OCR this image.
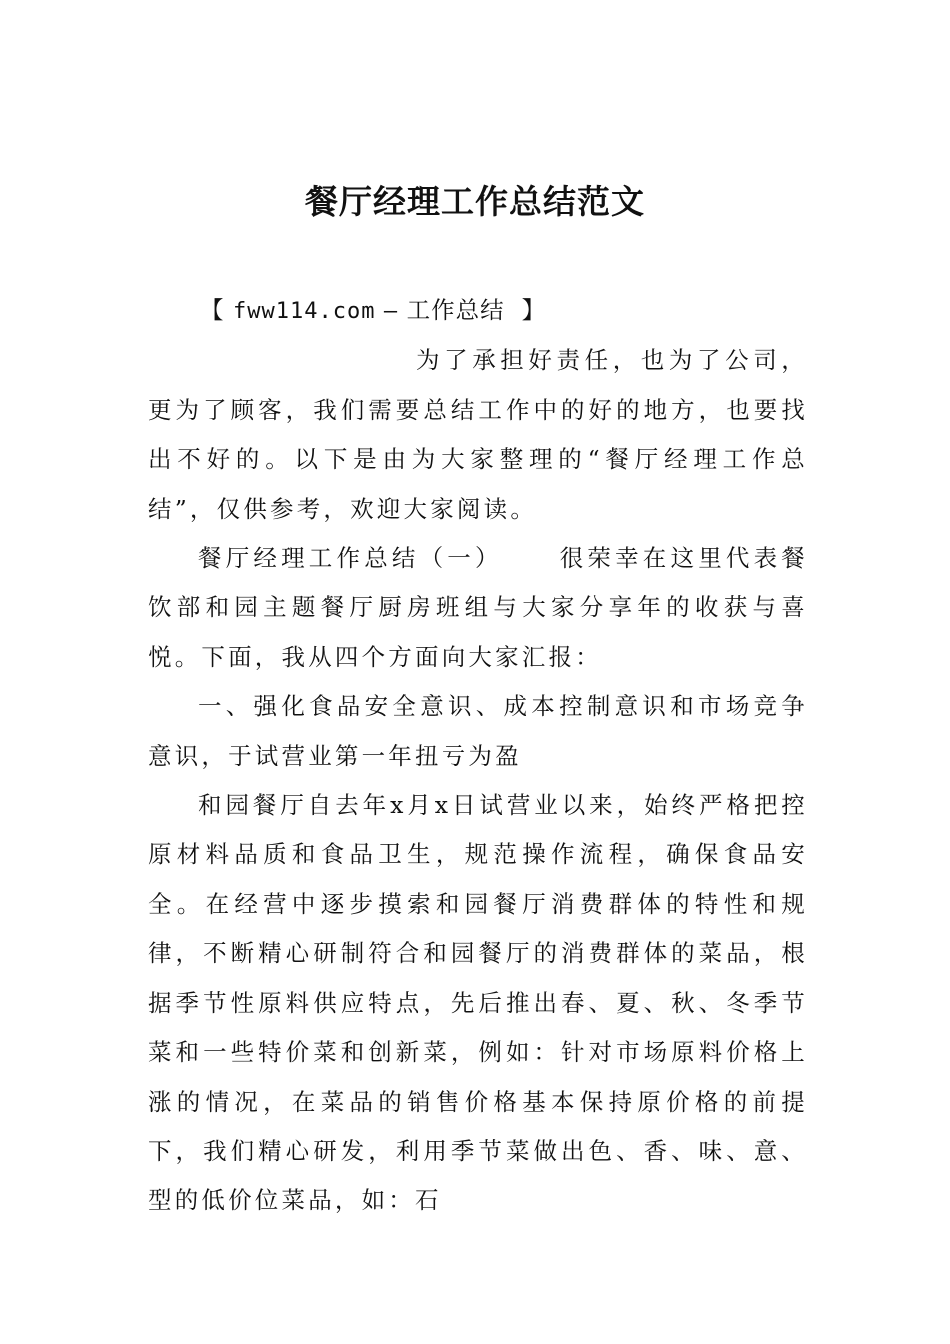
餐厅经理工作总结范文

【 fww114.com – 工作总结 】

为了承担好责任，也为了公司，更为了顾客，我们需要总结工作中的好的地方，也要找出不好的。以下是由为大家整理的“餐厅经理工作总结”，仅供参考，欢迎大家阅读。

餐厅经理工作总结（一） 很荣幸在这里代表餐饮部和园主题餐厅厨房班组与大家分享年的收获与喜悦。下面，我从四个方面向大家汇报：

一、强化食品安全意识、成本控制意识和市场竞争意识，于试营业第一年扭亏为盈

和园餐厅自去年x月x日试营业以来，始终严格把控原材料品质和食品卫生，规范操作流程，确保食品安全。在经营中逐步摸索和园餐厅消费群体的特性和规律，不断精心研制符合和园餐厅的消费群体的菜品，根据季节性原料供应特点，先后推出春、夏、秋、冬季节菜和一些特价菜和创新菜，例如：针对市场原料价格上涨的情况，在菜品的销售价格基本保持原价格的前提下，我们精心研发，利用季节菜做出色、香、味、意、型的低价位菜品，如：石
